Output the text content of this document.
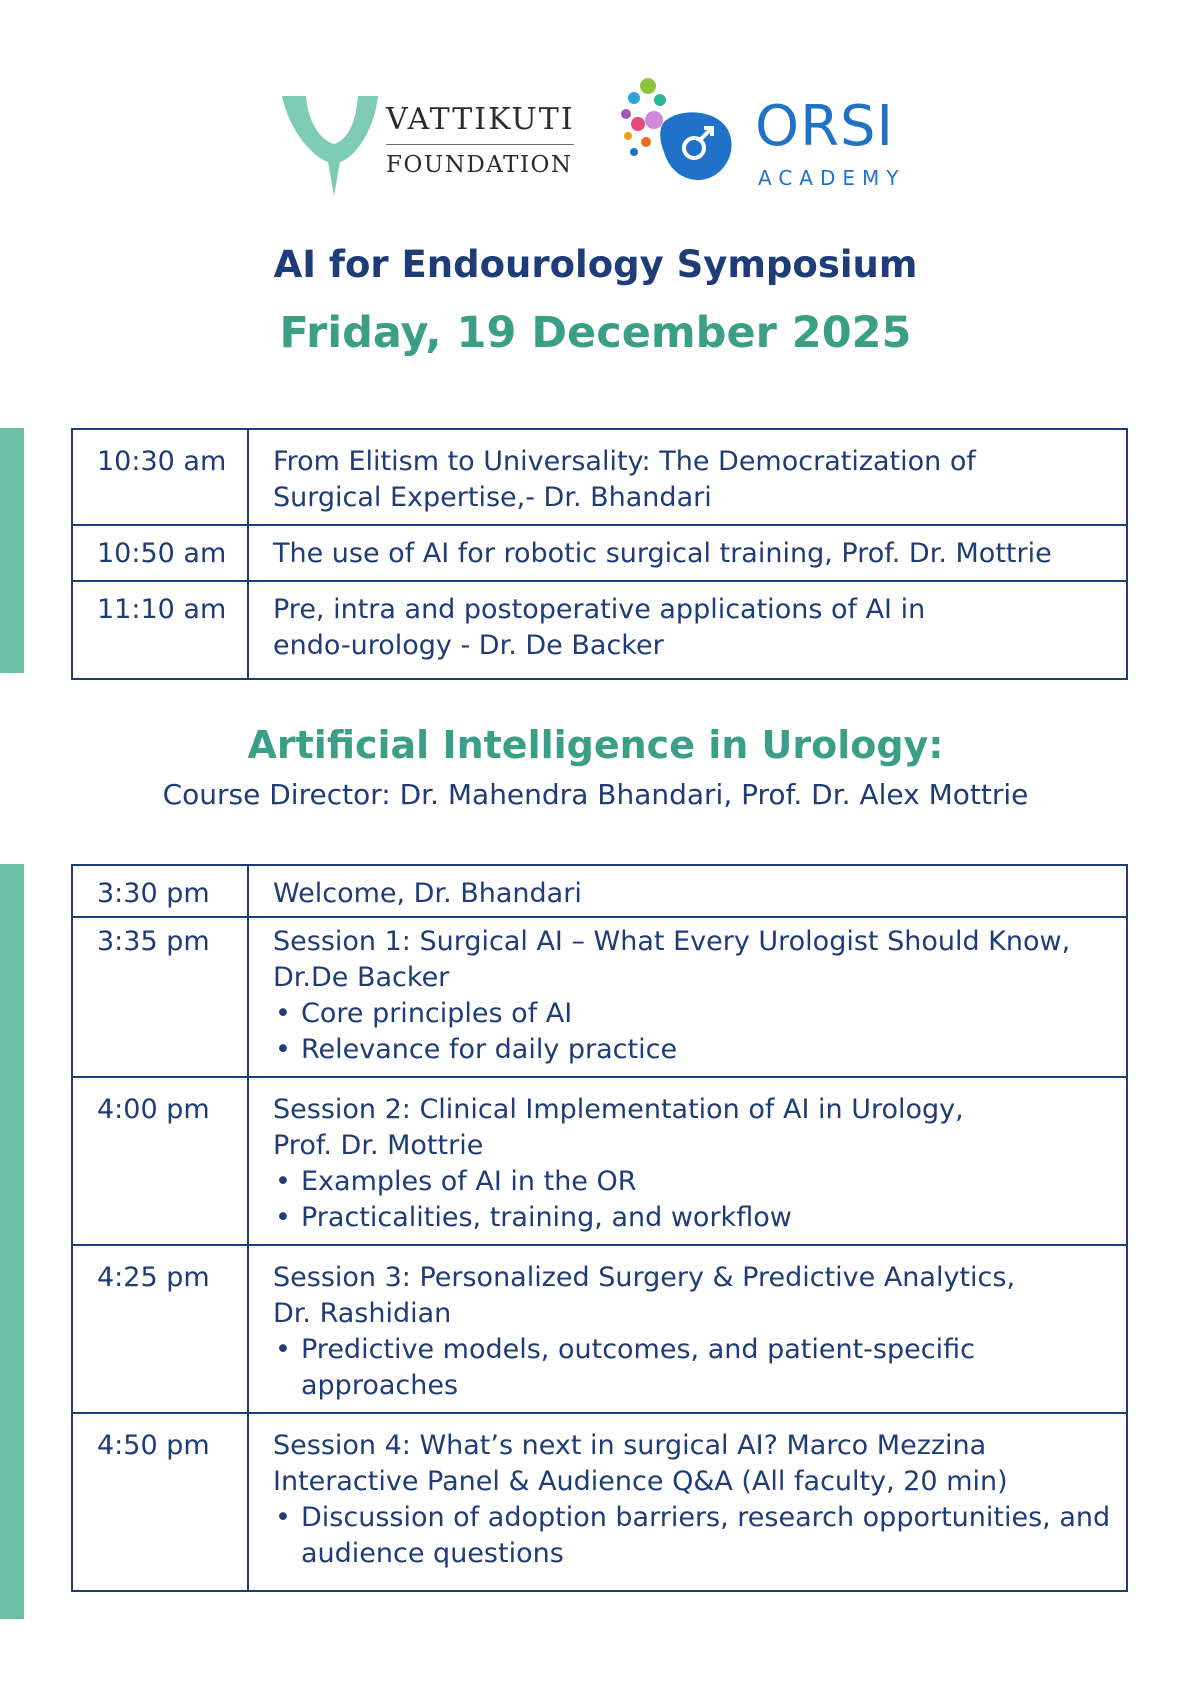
VATTIKUTI
FOUNDATION
ORSI
ACADEMY
AI for Endourology Symposium
Friday, 19 December 2025
10:30 am	From Elitism to Universality: The Democratization of
Surgical Expertise,- Dr. Bhandari

10:50 am	The use of AI for robotic surgical training, Prof. Dr. Mottrie

11:10 am	Pre, intra and postoperative applications of AI in
endo-urology - Dr. De Backer
Artificial Intelligence in Urology:
Course Director: Dr. Mahendra Bhandari, Prof. Dr. Alex Mottrie
3:30 pm	Welcome, Dr. Bhandari

3:35 pm	Session 1: Surgical AI – What Every Urologist Should Know,
Dr.De Backer
• Core principles of AI
• Relevance for daily practice

4:00 pm	Session 2: Clinical Implementation of AI in Urology,
Prof. Dr. Mottrie
• Examples of AI in the OR
• Practicalities, training, and workflow

4:25 pm	Session 3: Personalized Surgery & Predictive Analytics,
Dr. Rashidian
• Predictive models, outcomes, and patient-specific approaches

4:50 pm	Session 4: What’s next in surgical AI? Marco Mezzina
Interactive Panel & Audience Q&A (All faculty, 20 min)
• Discussion of adoption barriers, research opportunities, and audience questions
